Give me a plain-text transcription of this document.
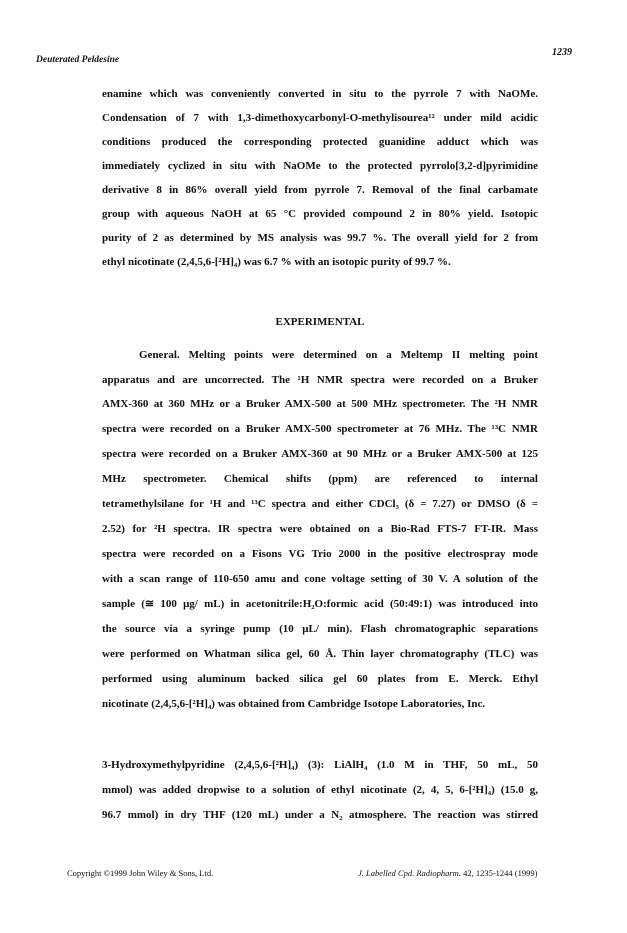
Deuterated Peldesine
1239
enamine which was conveniently converted in situ to the pyrrole 7 with NaOMe.
Condensation of 7 with 1,3-dimethoxycarbonyl-O-methylisourea¹² under mild acidic
conditions produced the corresponding protected guanidine adduct which was
immediately cyclized in situ with NaOMe to the protected pyrrolo[3,2-d]pyrimidine
derivative 8 in 86% overall yield from pyrrole 7. Removal of the final carbamate
group with aqueous NaOH at 65 °C provided compound 2 in 80% yield. Isotopic
purity of 2 as determined by MS analysis was 99.7 %. The overall yield for 2 from
ethyl nicotinate (2,4,5,6-[²H]₄) was 6.7 % with an isotopic purity of 99.7 %.
EXPERIMENTAL
General. Melting points were determined on a Meltemp II melting point
apparatus and are uncorrected. The ¹H NMR spectra were recorded on a Bruker
AMX-360 at 360 MHz or a Bruker AMX-500 at 500 MHz spectrometer. The ²H NMR
spectra were recorded on a Bruker AMX-500 spectrometer at 76 MHz. The ¹³C NMR
spectra were recorded on a Bruker AMX-360 at 90 MHz or a Bruker AMX-500 at 125
MHz spectrometer. Chemical shifts (ppm) are referenced to internal
tetramethylsilane for ¹H and ¹³C spectra and either CDCl₃ (δ = 7.27) or DMSO (δ =
2.52) for ²H spectra. IR spectra were obtained on a Bio-Rad FTS-7 FT-IR. Mass
spectra were recorded on a Fisons VG Trio 2000 in the positive electrospray mode
with a scan range of 110-650 amu and cone voltage setting of 30 V. A solution of the
sample (≅ 100 μg/ mL) in acetonitrile:H₂O:formic acid (50:49:1) was introduced into
the source via a syringe pump (10 μL/ min). Flash chromatographic separations
were performed on Whatman silica gel, 60 Å. Thin layer chromatography (TLC) was
performed using aluminum backed silica gel 60 plates from E. Merck. Ethyl
nicotinate (2,4,5,6-[²H]₄) was obtained from Cambridge Isotope Laboratories, Inc.
3-Hydroxymethylpyridine (2,4,5,6-[²H]₄) (3): LiAlH₄ (1.0 M in THF, 50 mL, 50
mmol) was added dropwise to a solution of ethyl nicotinate (2, 4, 5, 6-[²H]₄) (15.0 g,
96.7 mmol) in dry THF (120 mL) under a N₂ atmosphere. The reaction was stirred
Copyright ©1999 John Wiley & Sons, Ltd.	J. Labelled Cpd. Radiopharm. 42, 1235-1244 (1999)
